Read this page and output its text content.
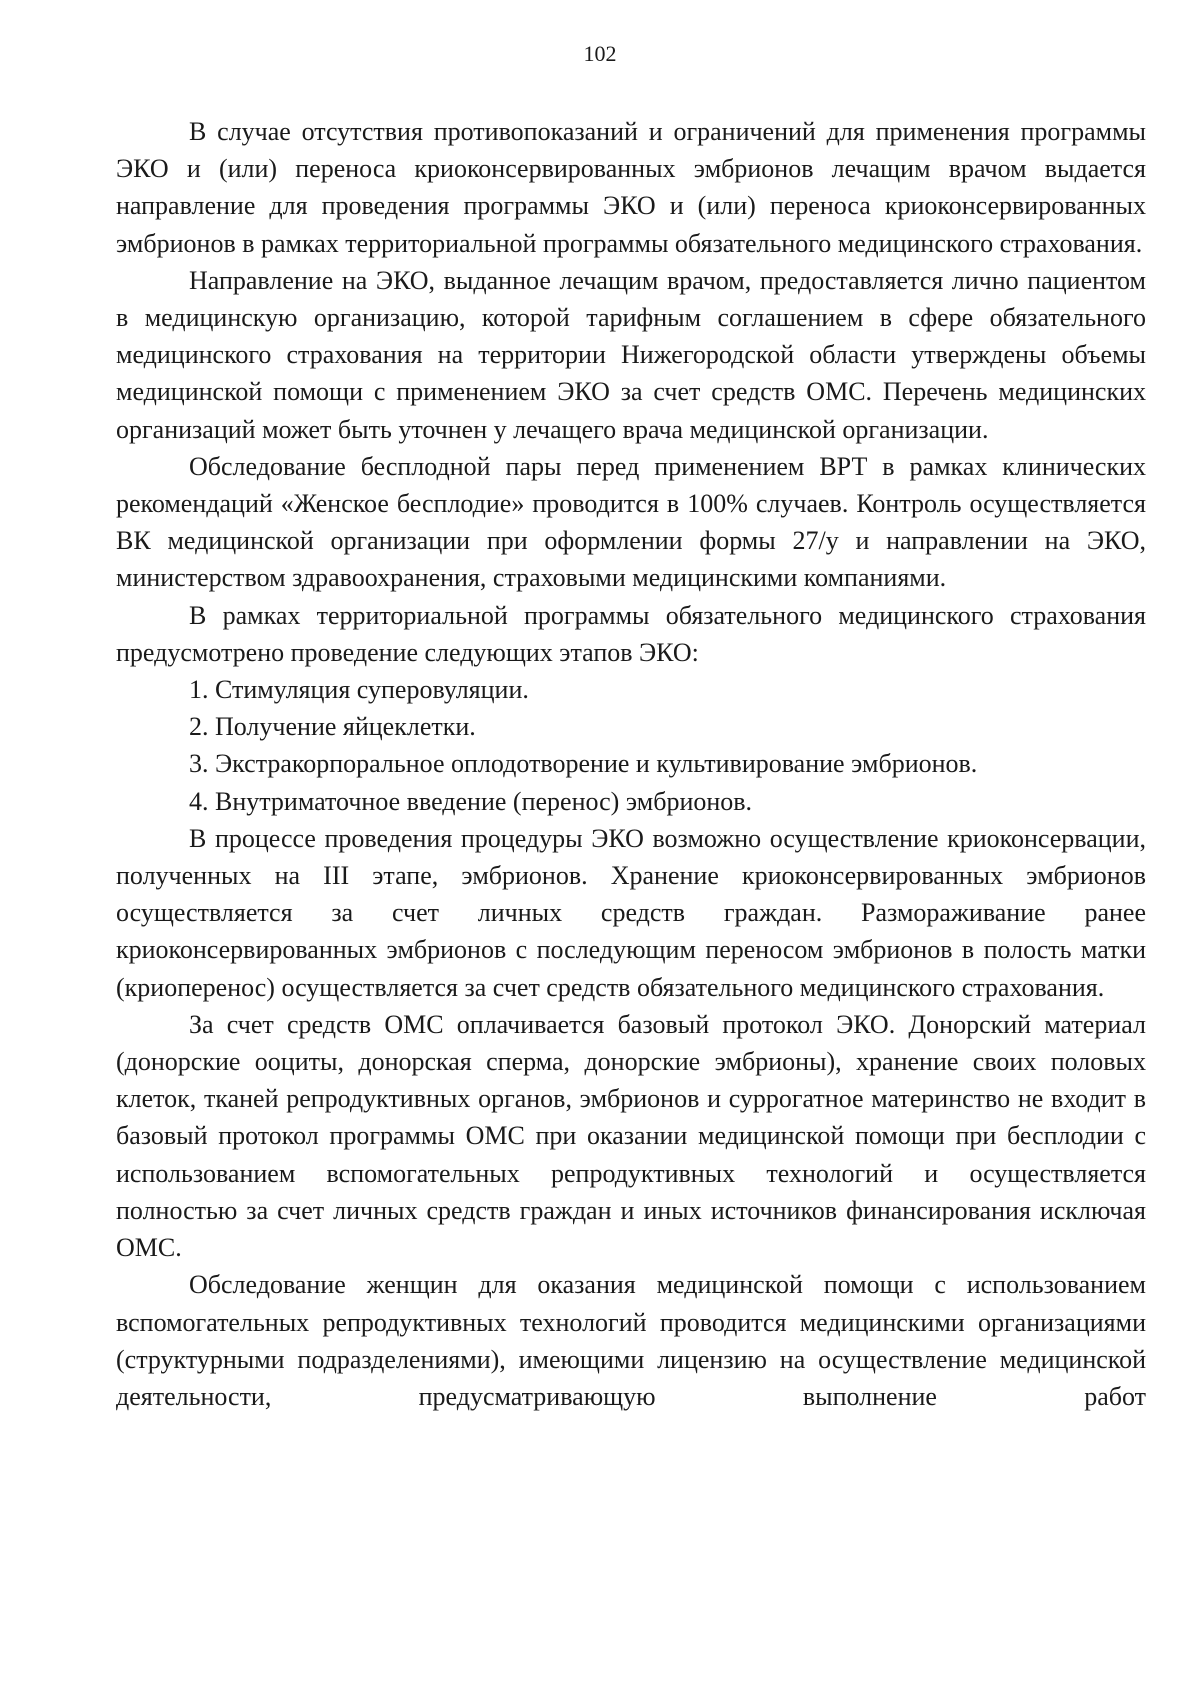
102

В случае отсутствия противопоказаний и ограничений для применения программы ЭКО и (или) переноса криоконсервированных эмбрионов лечащим врачом выдается направление для проведения программы ЭКО и (или) переноса криоконсервированных эмбрионов в рамках территориальной программы обязательного медицинского страхования.

Направление на ЭКО, выданное лечащим врачом, предоставляется лично пациентом в медицинскую организацию, которой тарифным соглашением в сфере обязательного медицинского страхования на территории Нижегородской области утверждены объемы медицинской помощи с применением ЭКО за счет средств ОМС. Перечень медицинских организаций может быть уточнен у лечащего врача медицинской организации.

Обследование бесплодной пары перед применением ВРТ в рамках клинических рекомендаций «Женское бесплодие» проводится в 100% случаев. Контроль осуществляется ВК медицинской организации при оформлении формы 27/у и направлении на ЭКО, министерством здравоохранения, страховыми медицинскими компаниями.

В рамках территориальной программы обязательного медицинского страхования предусмотрено проведение следующих этапов ЭКО:

1. Стимуляция суперовуляции.

2. Получение яйцеклетки.

3. Экстракорпоральное оплодотворение и культивирование эмбрионов.

4. Внутриматочное введение (перенос) эмбрионов.

В процессе проведения процедуры ЭКО возможно осуществление криоконсервации, полученных на III этапе, эмбрионов. Хранение криоконсервированных эмбрионов осуществляется за счет личных средств граждан. Размораживание ранее криоконсервированных эмбрионов с последующим переносом эмбрионов в полость матки (криоперенос) осуществляется за счет средств обязательного медицинского страхования.

За счет средств ОМС оплачивается базовый протокол ЭКО. Донорский материал (донорские ооциты, донорская сперма, донорские эмбрионы), хранение своих половых клеток, тканей репродуктивных органов, эмбрионов и суррогатное материнство не входит в базовый протокол программы ОМС при оказании медицинской помощи при бесплодии с использованием вспомогательных репродуктивных технологий и осуществляется полностью за счет личных средств граждан и иных источников финансирования исключая ОМС.

Обследование женщин для оказания медицинской помощи с использованием вспомогательных репродуктивных технологий проводится медицинскими организациями (структурными подразделениями), имеющими лицензию на осуществление медицинской деятельности, предусматривающую выполнение работ
